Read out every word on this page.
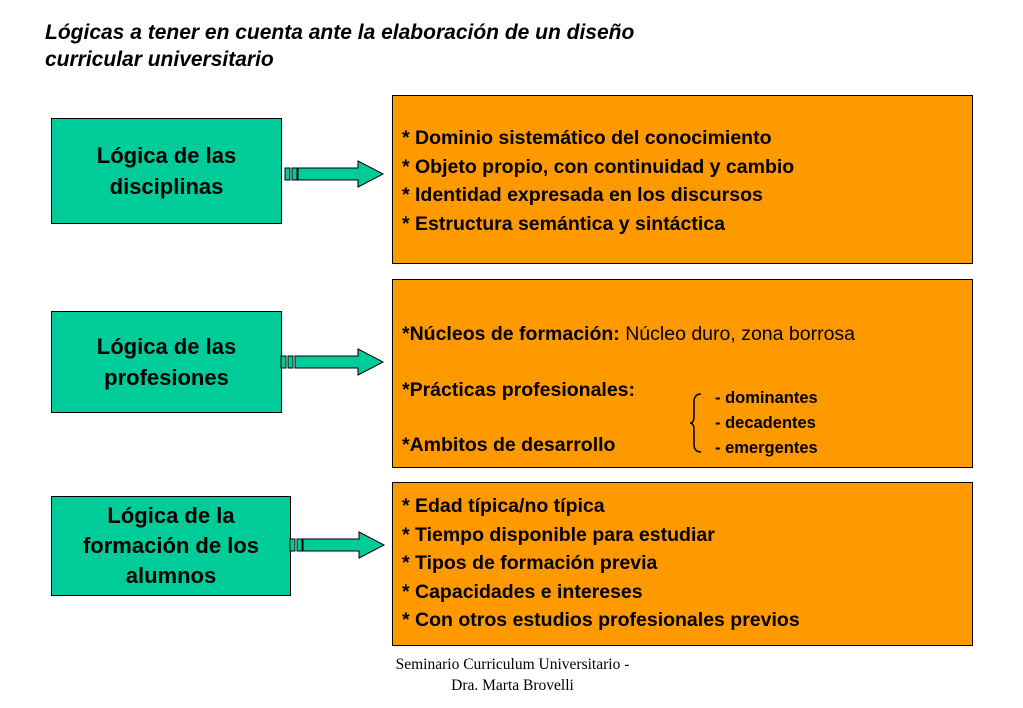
Lógicas a tener en cuenta ante la elaboración de un diseño
curricular universitario
Lógica de las
disciplinas
* Dominio sistemático del conocimiento
* Objeto propio, con continuidad y cambio
* Identidad expresada en los discursos
* Estructura semántica y sintáctica
Lógica de las
profesiones
*Núcleos de formación: Núcleo duro, zona borrosa
*Prácticas profesionales:
*Ambitos de desarrollo
- dominantes
- decadentes
- emergentes
Lógica de la
formación de los
alumnos
* Edad típica/no típica
* Tiempo disponible para estudiar
* Tipos de formación previa
* Capacidades e intereses
* Con otros estudios profesionales previos
Seminario Curriculum Universitario -
Dra. Marta Brovelli
